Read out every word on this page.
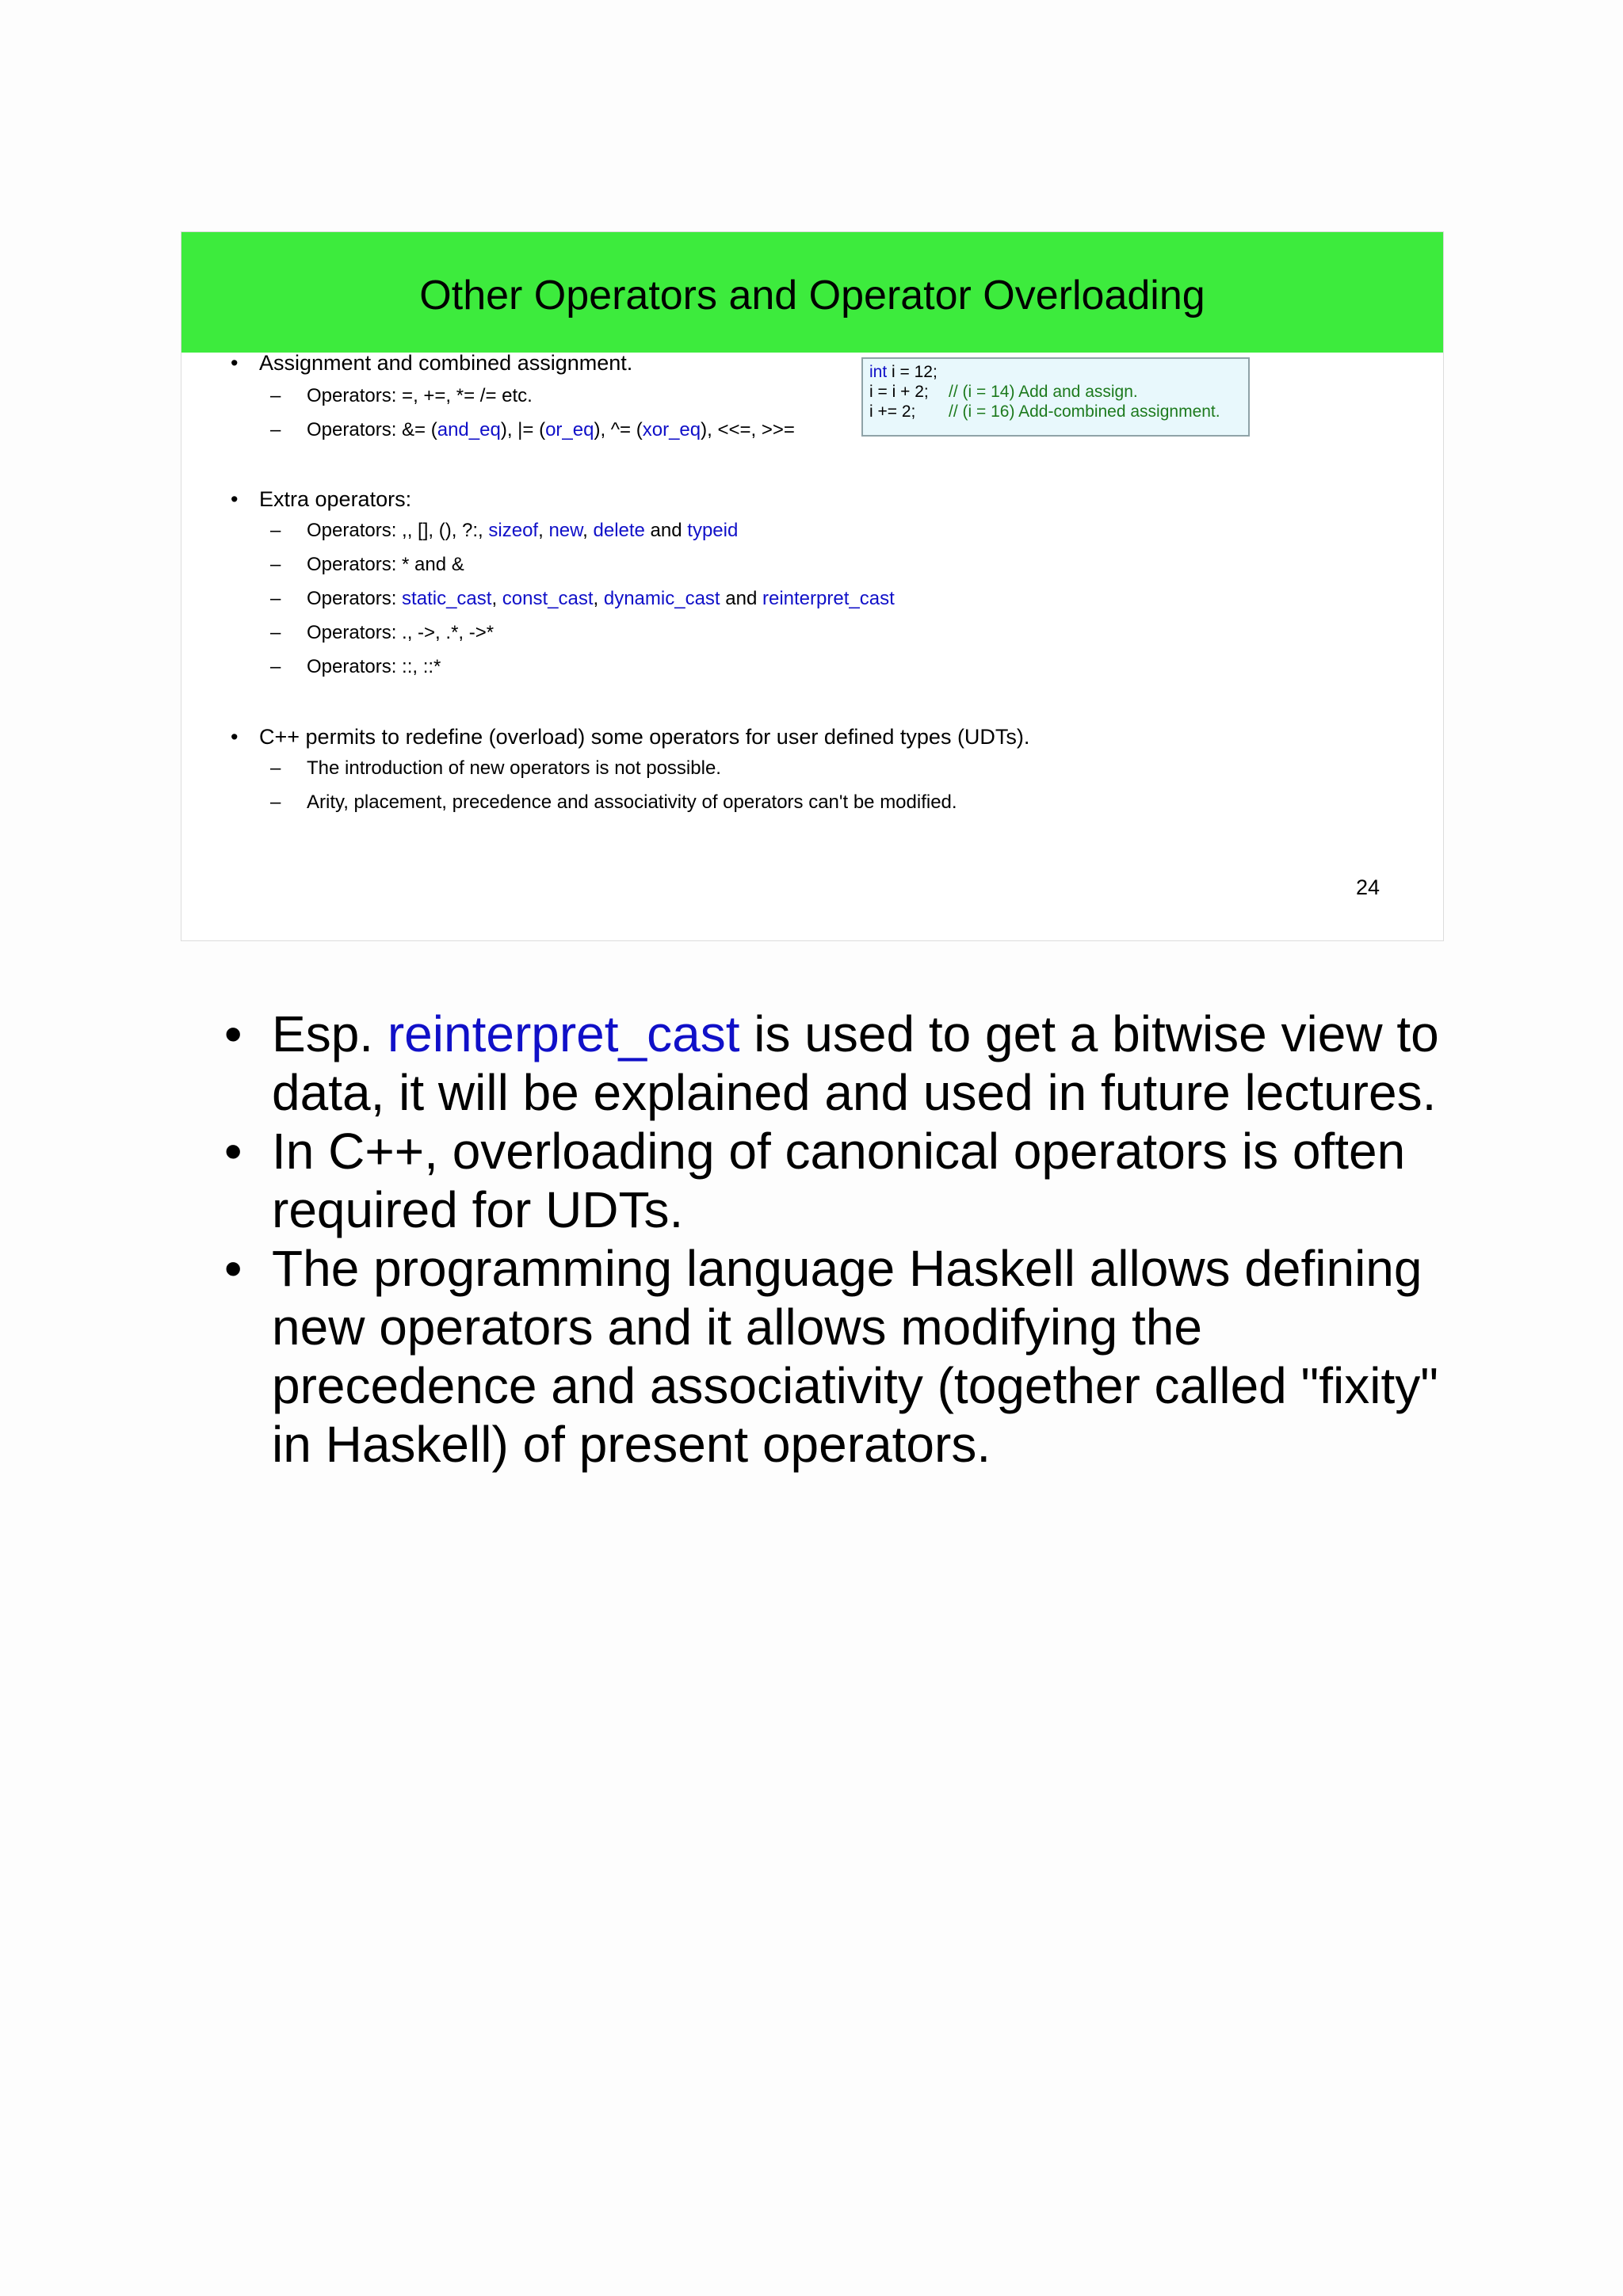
Other Operators and Operator Overloading
• Assignment and combined assignment.
– Operators: =, +=, *= /= etc.
– Operators: &= (and_eq), |= (or_eq), ^= (xor_eq), <<=, >>=
• Extra operators:
– Operators: ,, [], (), ?:, sizeof, new, delete and typeid
– Operators: * and &
– Operators: static_cast, const_cast, dynamic_cast and reinterpret_cast
– Operators: ., ->, .*, ->*
– Operators: ::, ::*
• C++ permits to redefine (overload) some operators for user defined types (UDTs).
– The introduction of new operators is not possible.
– Arity, placement, precedence and associativity of operators can't be modified.
int i = 12;
i = i + 2; // (i = 14) Add and assign.
i += 2; // (i = 16) Add-combined assignment.
24
• Esp. reinterpret_cast is used to get a bitwise view to data, it will be explained and used in future lectures.
• In C++, overloading of canonical operators is often required for UDTs.
• The programming language Haskell allows defining new operators and it allows modifying the precedence and associativity (together called "fixity" in Haskell) of present operators.
